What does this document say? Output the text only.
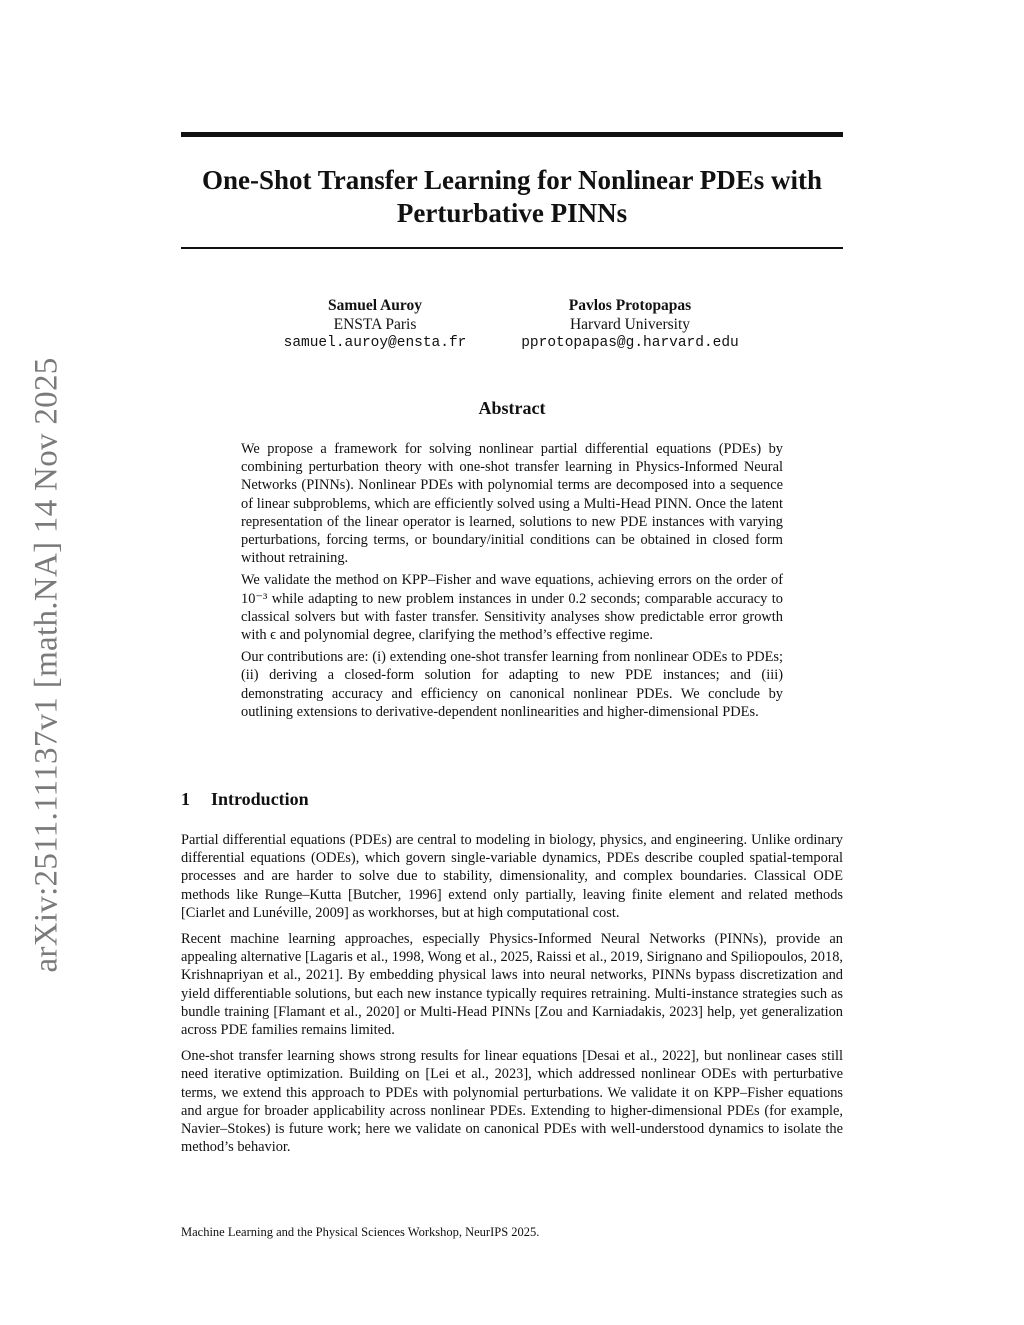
arXiv:2511.11137v1 [math.NA] 14 Nov 2025
One-Shot Transfer Learning for Nonlinear PDEs with
Perturbative PINNs
Samuel Auroy
ENSTA Paris
samuel.auroy@ensta.fr
Pavlos Protopapas
Harvard University
pprotopapas@g.harvard.edu
Abstract

We propose a framework for solving nonlinear partial differential equations (PDEs) by combining perturbation theory with one-shot transfer learning in Physics-Informed Neural Networks (PINNs). Nonlinear PDEs with polynomial terms are decomposed into a sequence of linear subproblems, which are efficiently solved using a Multi-Head PINN. Once the latent representation of the linear operator is learned, solutions to new PDE instances with varying perturbations, forcing terms, or boundary/initial conditions can be obtained in closed form without retraining.

We validate the method on KPP–Fisher and wave equations, achieving errors on the order of 10⁻³ while adapting to new problem instances in under 0.2 seconds; comparable accuracy to classical solvers but with faster transfer. Sensitivity analyses show predictable error growth with ϵ and polynomial degree, clarifying the method’s effective regime.

Our contributions are: (i) extending one-shot transfer learning from nonlinear ODEs to PDEs; (ii) deriving a closed-form solution for adapting to new PDE instances; and (iii) demonstrating accuracy and efficiency on canonical nonlinear PDEs. We conclude by outlining extensions to derivative-dependent nonlinearities and higher-dimensional PDEs.

1 Introduction

Partial differential equations (PDEs) are central to modeling in biology, physics, and engineering. Unlike ordinary differential equations (ODEs), which govern single-variable dynamics, PDEs describe coupled spatial-temporal processes and are harder to solve due to stability, dimensionality, and complex boundaries. Classical ODE methods like Runge–Kutta [Butcher, 1996] extend only partially, leaving finite element and related methods [Ciarlet and Lunéville, 2009] as workhorses, but at high computational cost.

Recent machine learning approaches, especially Physics-Informed Neural Networks (PINNs), provide an appealing alternative [Lagaris et al., 1998, Wong et al., 2025, Raissi et al., 2019, Sirignano and Spiliopoulos, 2018, Krishnapriyan et al., 2021]. By embedding physical laws into neural networks, PINNs bypass discretization and yield differentiable solutions, but each new instance typically requires retraining. Multi-instance strategies such as bundle training [Flamant et al., 2020] or Multi-Head PINNs [Zou and Karniadakis, 2023] help, yet generalization across PDE families remains limited.

One-shot transfer learning shows strong results for linear equations [Desai et al., 2022], but nonlinear cases still need iterative optimization. Building on [Lei et al., 2023], which addressed nonlinear ODEs with perturbative terms, we extend this approach to PDEs with polynomial perturbations. We validate it on KPP–Fisher equations and argue for broader applicability across nonlinear PDEs. Extending to higher-dimensional PDEs (for example, Navier–Stokes) is future work; here we validate on canonical PDEs with well-understood dynamics to isolate the method’s behavior.

Machine Learning and the Physical Sciences Workshop, NeurIPS 2025.
